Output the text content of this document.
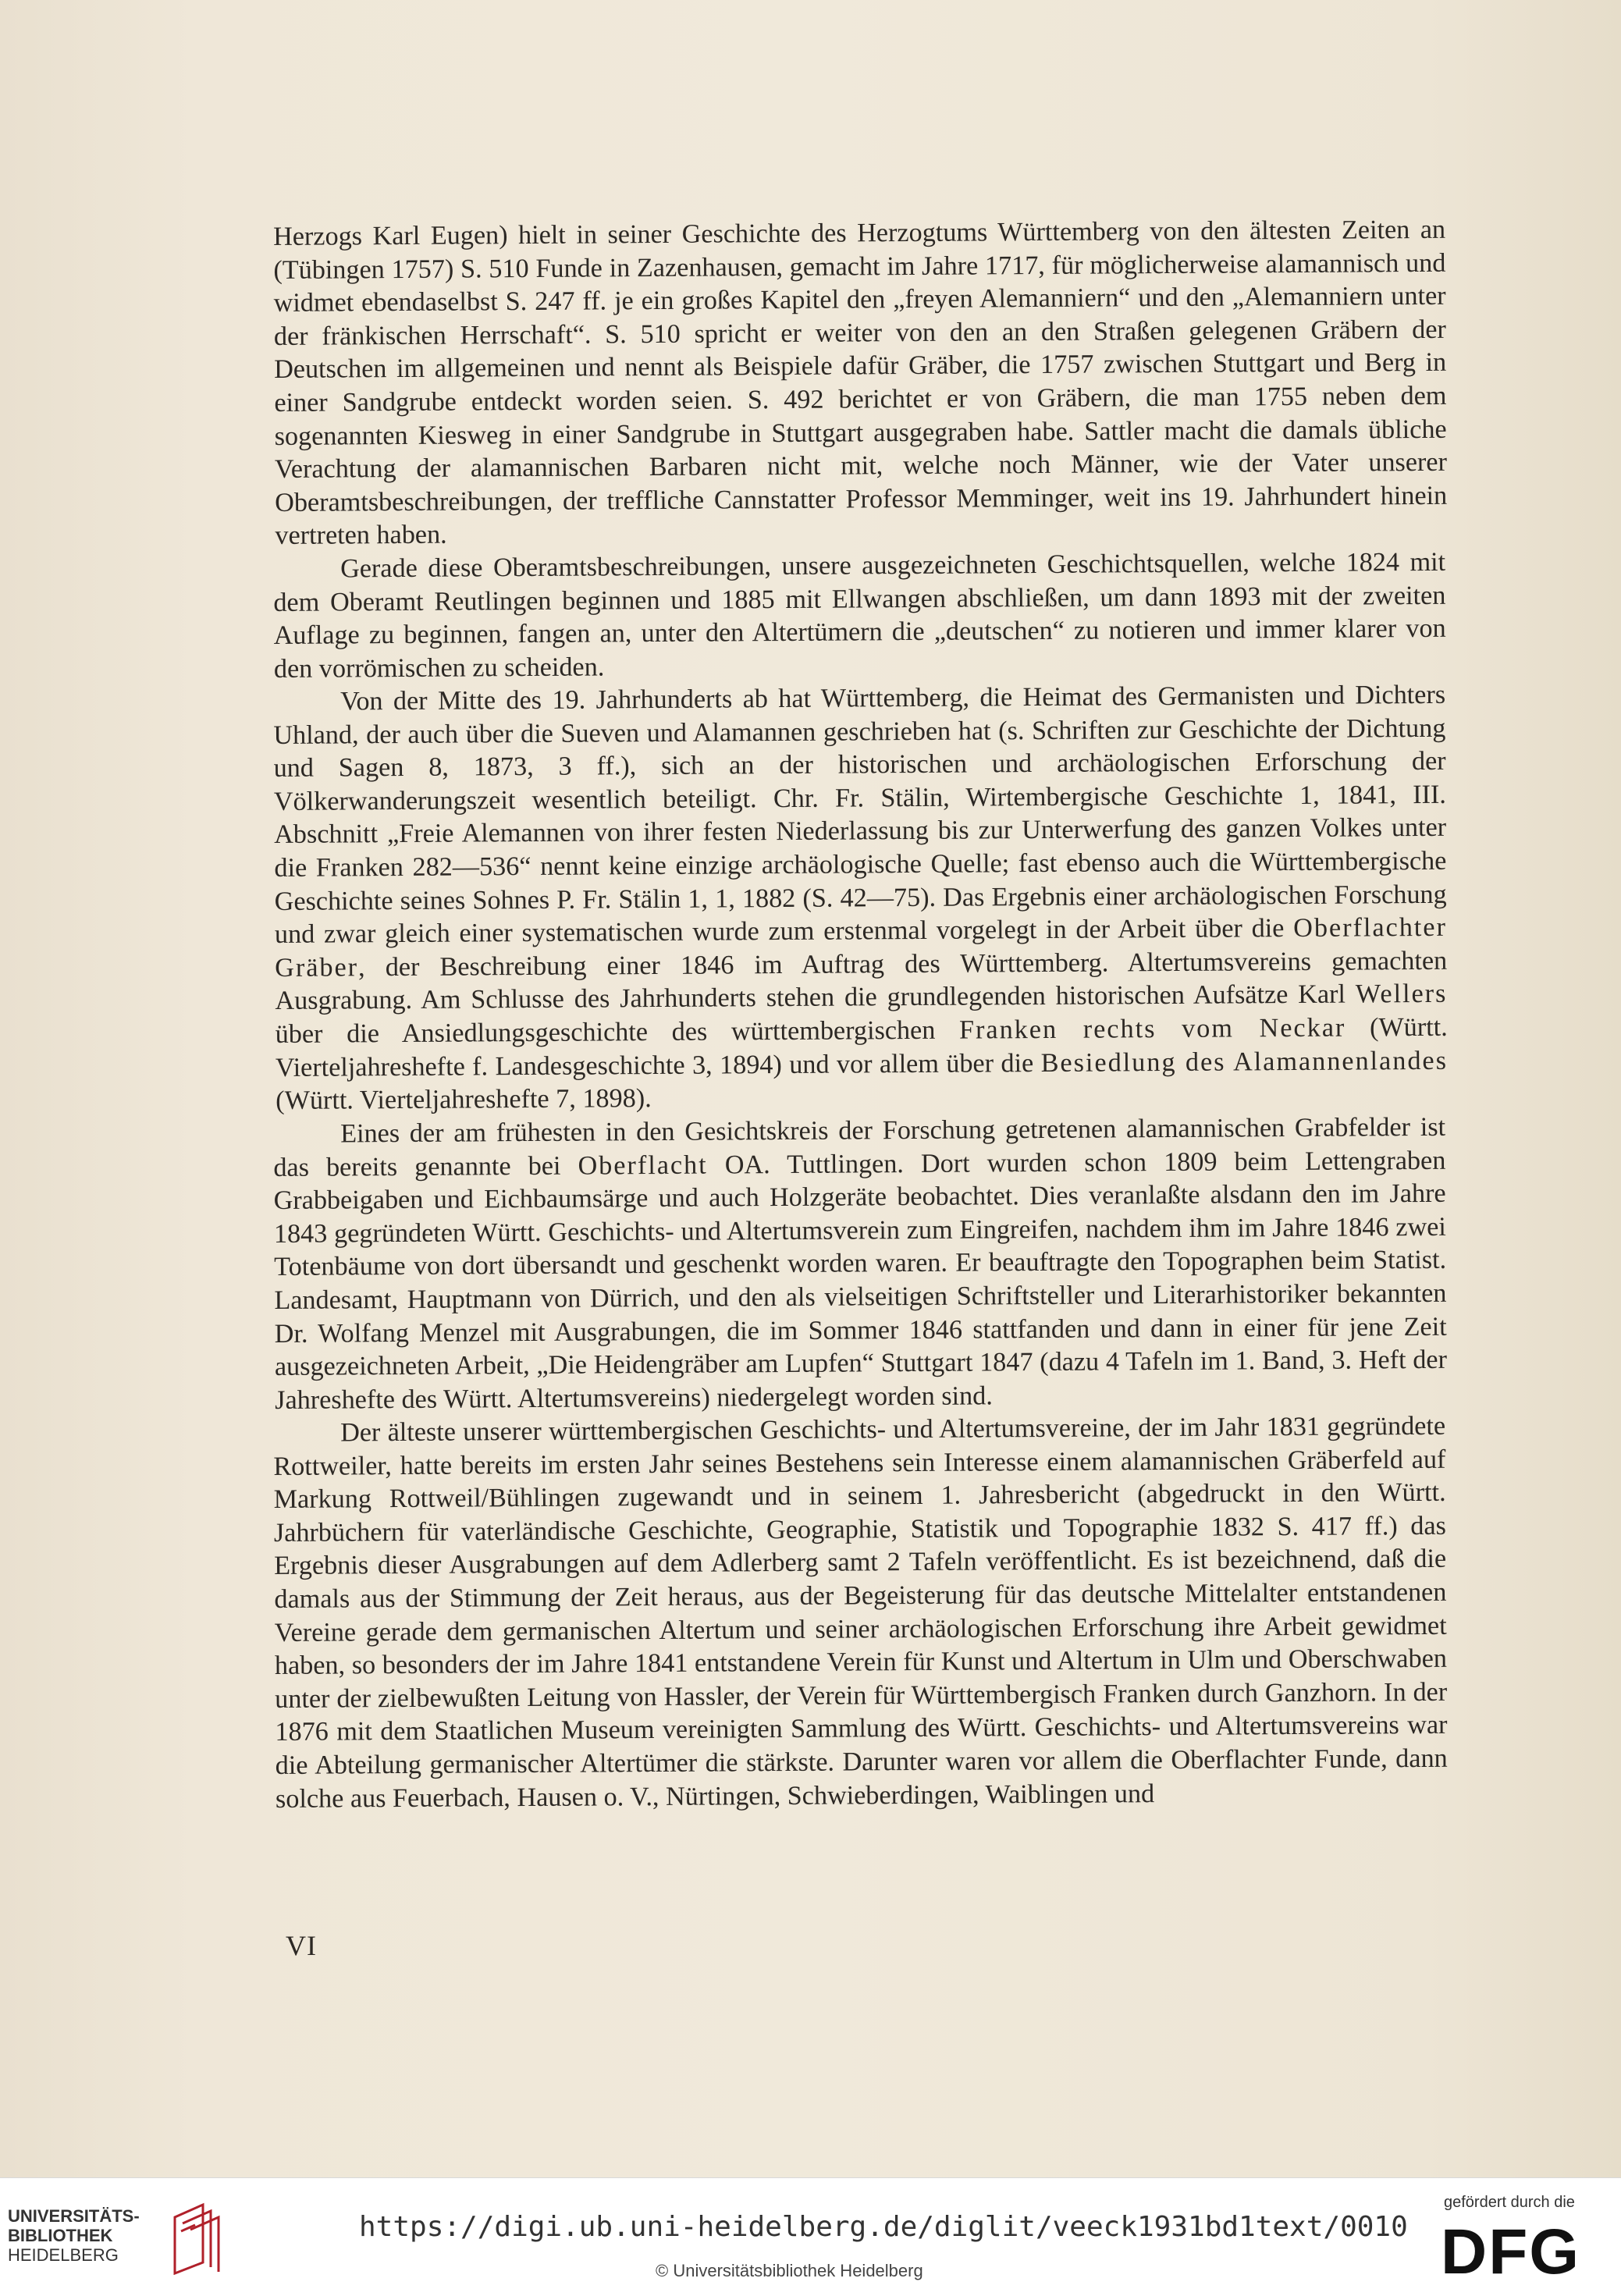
Herzogs Karl Eugen) hielt in seiner Geschichte des Herzogtums Württemberg von den ältesten Zeiten an (Tübingen 1757) S. 510 Funde in Zazenhausen, gemacht im Jahre 1717, für möglicherweise alamannisch und widmet ebendaselbst S. 247 ff. je ein großes Kapitel den „freyen Alemanniern“ und den „Alemanniern unter der fränkischen Herrschaft“. S. 510 spricht er weiter von den an den Straßen gelegenen Gräbern der Deutschen im allgemeinen und nennt als Beispiele dafür Gräber, die 1757 zwischen Stuttgart und Berg in einer Sandgrube entdeckt worden seien. S. 492 berichtet er von Gräbern, die man 1755 neben dem sogenannten Kiesweg in einer Sandgrube in Stuttgart ausgegraben habe. Sattler macht die damals übliche Verachtung der alamannischen Barbaren nicht mit, welche noch Männer, wie der Vater unserer Oberamtsbeschreibungen, der treffliche Cannstatter Professor Memminger, weit ins 19. Jahrhundert hinein vertreten haben.

Gerade diese Oberamtsbeschreibungen, unsere ausgezeichneten Geschichtsquellen, welche 1824 mit dem Oberamt Reutlingen beginnen und 1885 mit Ellwangen abschließen, um dann 1893 mit der zweiten Auflage zu beginnen, fangen an, unter den Altertümern die „deutschen“ zu notieren und immer klarer von den vorrömischen zu scheiden.

Von der Mitte des 19. Jahrhunderts ab hat Württemberg, die Heimat des Germanisten und Dichters Uhland, der auch über die Sueven und Alamannen geschrieben hat (s. Schriften zur Geschichte der Dichtung und Sagen 8, 1873, 3 ff.), sich an der historischen und archäologischen Erforschung der Völkerwanderungszeit wesentlich beteiligt. Chr. Fr. Stälin, Wirtembergische Geschichte 1, 1841, III. Abschnitt „Freie Alemannen von ihrer festen Niederlassung bis zur Unterwerfung des ganzen Volkes unter die Franken 282—536“ nennt keine einzige archäologische Quelle; fast ebenso auch die Württembergische Geschichte seines Sohnes P. Fr. Stälin 1, 1, 1882 (S. 42—75). Das Ergebnis einer archäologischen Forschung und zwar gleich einer systematischen wurde zum erstenmal vorgelegt in der Arbeit über die Oberflachter Gräber, der Beschreibung einer 1846 im Auftrag des Württemberg. Altertumsvereins gemachten Ausgrabung. Am Schlusse des Jahrhunderts stehen die grundlegenden historischen Aufsätze Karl Wellers über die Ansiedlungsgeschichte des württembergischen Franken rechts vom Neckar (Württ. Vierteljahreshefte f. Landesgeschichte 3, 1894) und vor allem über die Besiedlung des Alamannenlandes (Württ. Vierteljahreshefte 7, 1898).

Eines der am frühesten in den Gesichtskreis der Forschung getretenen alamannischen Grabfelder ist das bereits genannte bei Oberflacht OA. Tuttlingen. Dort wurden schon 1809 beim Lettengraben Grabbeigaben und Eichbaumsärge und auch Holzgeräte beobachtet. Dies veranlaßte alsdann den im Jahre 1843 gegründeten Württ. Geschichts- und Altertumsverein zum Eingreifen, nachdem ihm im Jahre 1846 zwei Totenbäume von dort übersandt und geschenkt worden waren. Er beauftragte den Topographen beim Statist. Landesamt, Hauptmann von Dürrich, und den als vielseitigen Schriftsteller und Literarhistoriker bekannten Dr. Wolfang Menzel mit Ausgrabungen, die im Sommer 1846 stattfanden und dann in einer für jene Zeit ausgezeichneten Arbeit, „Die Heidengräber am Lupfen“ Stuttgart 1847 (dazu 4 Tafeln im 1. Band, 3. Heft der Jahreshefte des Württ. Altertumsvereins) niedergelegt worden sind.

Der älteste unserer württembergischen Geschichts- und Altertumsvereine, der im Jahr 1831 gegründete Rottweiler, hatte bereits im ersten Jahr seines Bestehens sein Interesse einem alamannischen Gräberfeld auf Markung Rottweil/Bühlingen zugewandt und in seinem 1. Jahresbericht (abgedruckt in den Württ. Jahrbüchern für vaterländische Geschichte, Geographie, Statistik und Topographie 1832 S. 417 ff.) das Ergebnis dieser Ausgrabungen auf dem Adlerberg samt 2 Tafeln veröffentlicht. Es ist bezeichnend, daß die damals aus der Stimmung der Zeit heraus, aus der Begeisterung für das deutsche Mittelalter entstandenen Vereine gerade dem germanischen Altertum und seiner archäologischen Erforschung ihre Arbeit gewidmet haben, so besonders der im Jahre 1841 entstandene Verein für Kunst und Altertum in Ulm und Oberschwaben unter der zielbewußten Leitung von Hassler, der Verein für Württembergisch Franken durch Ganzhorn. In der 1876 mit dem Staatlichen Museum vereinigten Sammlung des Württ. Geschichts- und Altertumsvereins war die Abteilung germanischer Altertümer die stärkste. Darunter waren vor allem die Oberflachter Funde, dann solche aus Feuerbach, Hausen o. V., Nürtingen, Schwieberdingen, Waiblingen und

VI
UNIVERSITÄTS-
BIBLIOTHEK
HEIDELBERG
https://digi.ub.uni-heidelberg.de/diglit/veeck1931bd1text/0010
© Universitätsbibliothek Heidelberg
gefördert durch die
DFG
